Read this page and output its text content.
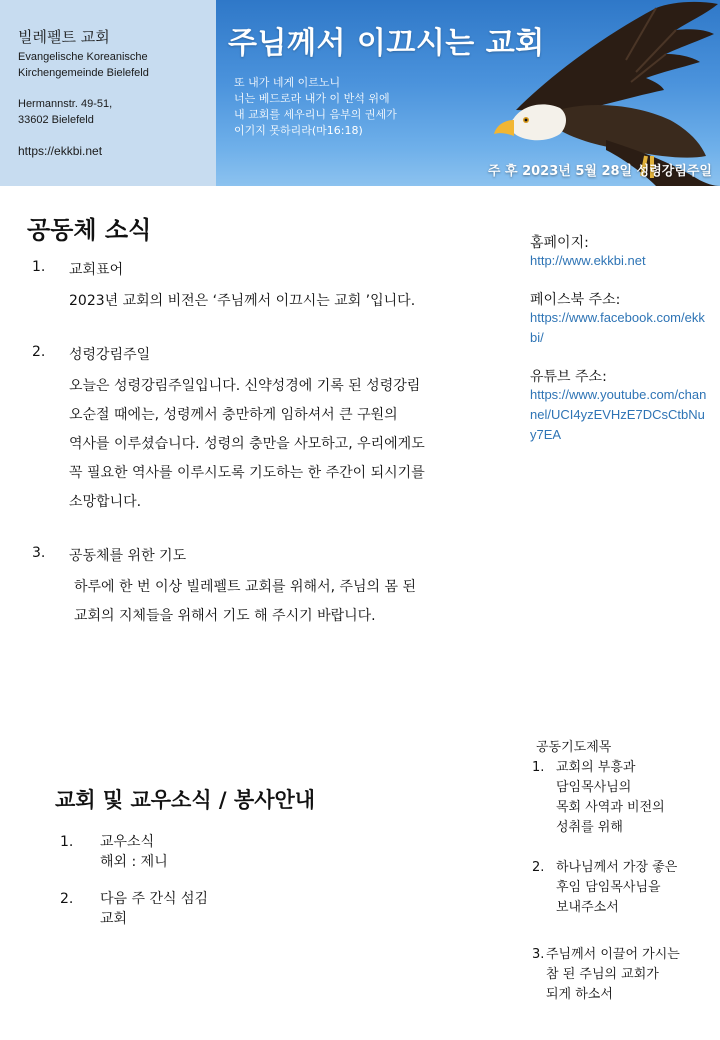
빌레펠트 교회
Evangelische Koreanische
Kirchengemeinde Bielefeld
Hermannstr. 49-51,
33602 Bielefeld
https://ekkbi.net
주님께서 이끄시는 교회
또 내가 네게 이르노니
너는 베드로라 내가 이 반석 위에
내 교회를 세우리니 음부의 권세가
이기지 못하리라(마16:18)
주 후 2023년 5월 28일 성령강림주일
공동체 소식
1. 교회표어
2023년 교회의 비전은 ‘주님께서 이끄시는 교회 ’입니다.
2. 성령강림주일
오늘은 성령강림주일입니다. 신약성경에 기록 된 성령강림
오순절 때에는, 성령께서 충만하게 임하셔서 큰 구원의
역사를 이루셨습니다. 성령의 충만을 사모하고, 우리에게도
꼭 필요한 역사를 이루시도록 기도하는 한 주간이 되시기를
소망합니다.
3. 공동체를 위한 기도
하루에 한 번 이상 빌레펠트 교회를 위해서, 주님의 몸 된
교회의 지체들을 위해서 기도 해 주시기 바랍니다.
홈페이지:
http://www.ekkbi.net
페이스북 주소:
https://www.facebook.com/ekkbi/
유튜브 주소:
https://www.youtube.com/channel/UCI4yzEVHzE7DCsCtbNuy7EA
공동기도제목
1. 교회의 부흥과
담임목사님의
목회 사역과 비전의
성취를 위해
2. 하나님께서 가장 좋은
후임 담임목사님을
보내주소서
3. 주님께서 이끌어 가시는
참 된 주님의 교회가
되게 하소서
교회 및 교우소식 / 봉사안내
1. 교우소식
해외 : 제니
2. 다음 주 간식 섬김
교회
